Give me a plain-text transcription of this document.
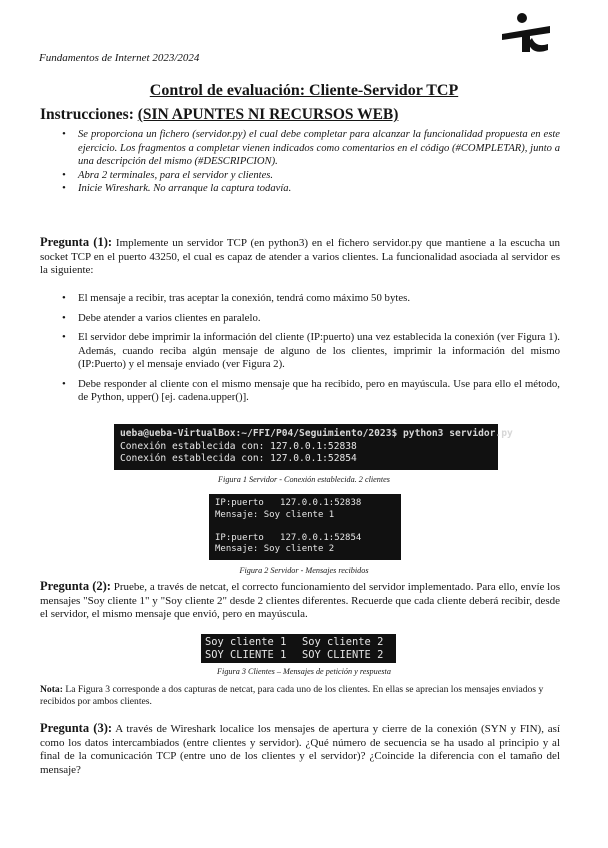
Fundamentos de Internet 2023/2024
Control de evaluación: Cliente-Servidor TCP
Instrucciones: (SIN APUNTES NI RECURSOS WEB)
• Se proporciona un fichero (servidor.py) el cual debe completar para alcanzar la funcionalidad propuesta en este ejercicio. Los fragmentos a completar vienen indicados como comentarios en el código (#COMPLETAR), junto a una descripción del mismo (#DESCRIPCION).
• Abra 2 terminales, para el servidor y clientes.
• Inicie Wireshark. No arranque la captura todavía.
Pregunta (1): Implemente un servidor TCP (en python3) en el fichero servidor.py que mantiene a la escucha un socket TCP en el puerto 43250, el cual es capaz de atender a varios clientes. La funcionalidad asociada al servidor es la siguiente:
• El mensaje a recibir, tras aceptar la conexión, tendrá como máximo 50 bytes.
• Debe atender a varios clientes en paralelo.
• El servidor debe imprimir la información del cliente (IP:puerto) una vez establecida la conexión (ver Figura 1). Además, cuando reciba algún mensaje de alguno de los clientes, imprimir la información del mismo (IP:Puerto) y el mensaje enviado (ver Figura 2).
• Debe responder al cliente con el mismo mensaje que ha recibido, pero en mayúscula. Use para ello el método, de Python, upper() [ej. cadena.upper()].
ueba@ueba-VirtualBox:~/FFI/P04/Seguimiento/2023$ python3 servidor.py
Conexión establecida con: 127.0.0.1:52838
Conexión establecida con: 127.0.0.1:52854
Figura 1 Servidor - Conexión establecida. 2 clientes
IP:puerto   127.0.0.1:52838
Mensaje: Soy cliente 1

IP:puerto   127.0.0.1:52854
Mensaje: Soy cliente 2
Figura 2 Servidor - Mensajes recibidos
Pregunta (2): Pruebe, a través de netcat, el correcto funcionamiento del servidor implementado. Para ello, envíe los mensajes "Soy cliente 1" y "Soy cliente 2" desde 2 clientes diferentes. Recuerde que cada cliente deberá recibir, desde el servidor, el mismo mensaje que envió, pero en mayúscula.
Soy cliente 1
SOY CLIENTE 1
Soy cliente 2
SOY CLIENTE 2
Figura 3 Clientes – Mensajes de petición y respuesta
Nota: La Figura 3 corresponde a dos capturas de netcat, para cada uno de los clientes. En ellas se aprecian los mensajes enviados y recibidos por ambos clientes.
Pregunta (3): A través de Wireshark localice los mensajes de apertura y cierre de la conexión (SYN y FIN), así como los datos intercambiados (entre clientes y servidor). ¿Qué número de secuencia se ha usado al principio y al final de la comunicación TCP (entre uno de los clientes y el servidor)? ¿Coincide la diferencia con el tamaño del mensaje?
